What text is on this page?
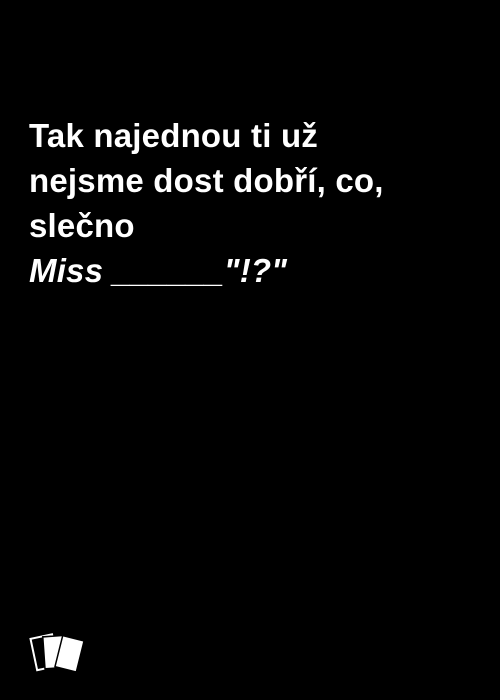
Tak najednou ti už
nejsme dost dobří, co,
slečno
Miss ______"!?"
